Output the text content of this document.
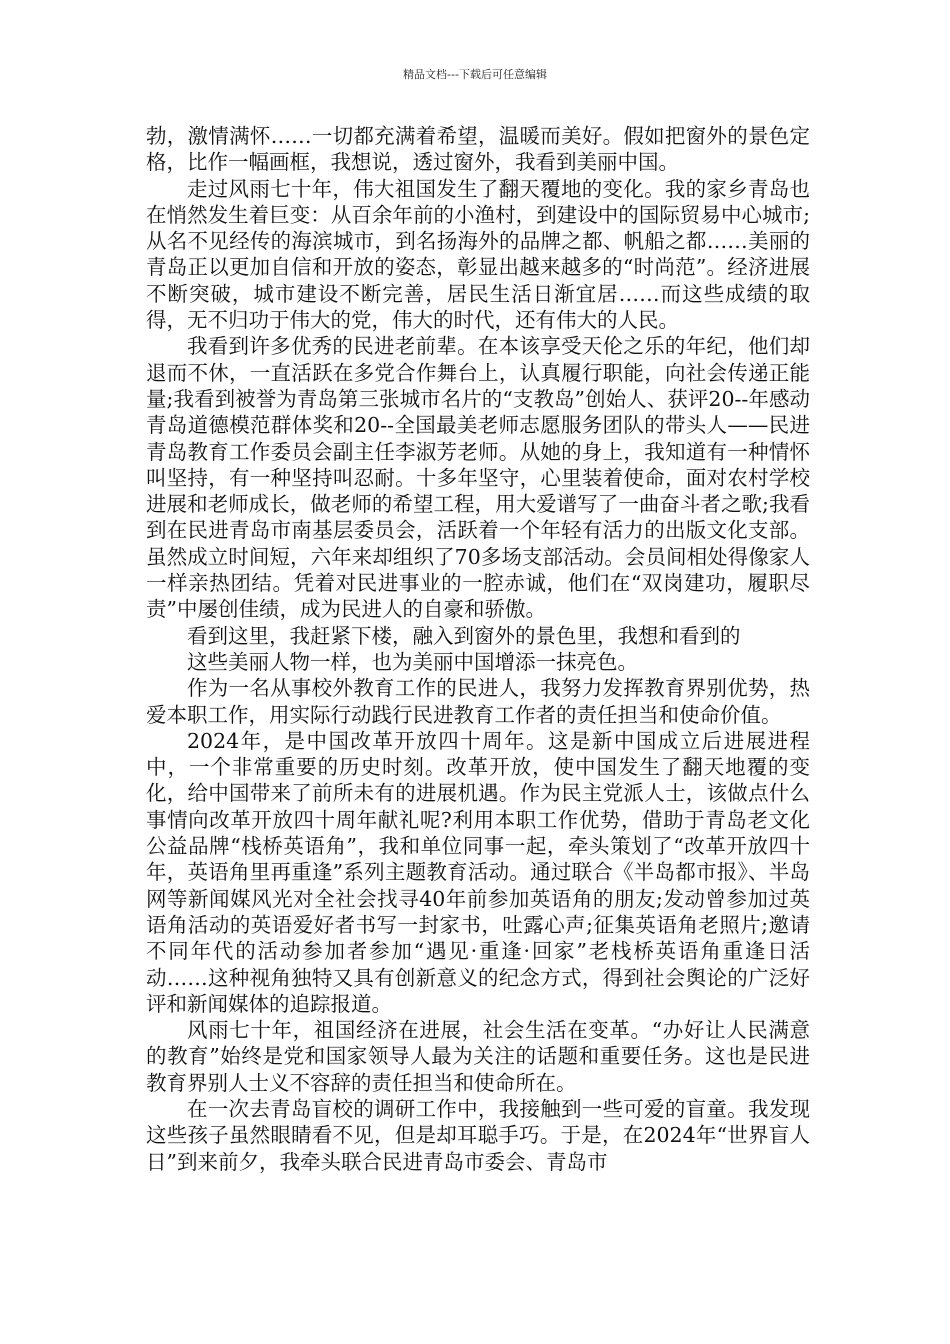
精品文档---下载后可任意编辑

勃，激情满怀……一切都充满着希望，温暖而美好。假如把窗外的景色定格，比作一幅画框，我想说，透过窗外，我看到美丽中国。

走过风雨七十年，伟大祖国发生了翻天覆地的变化。我的家乡青岛也在悄然发生着巨变：从百余年前的小渔村，到建设中的国际贸易中心城市;从名不见经传的海滨城市，到名扬海外的品牌之都、帆船之都……美丽的青岛正以更加自信和开放的姿态，彰显出越来越多的“时尚范”。经济进展不断突破，城市建设不断完善，居民生活日渐宜居……而这些成绩的取得，无不归功于伟大的党，伟大的时代，还有伟大的人民。

我看到许多优秀的民进老前辈。在本该享受天伦之乐的年纪，他们却退而不休，一直活跃在多党合作舞台上，认真履行职能，向社会传递正能量;我看到被誉为青岛第三张城市名片的“支教岛”创始人、获评20--年感动青岛道德模范群体奖和20--全国最美老师志愿服务团队的带头人——民进青岛教育工作委员会副主任李淑芳老师。从她的身上，我知道有一种情怀叫坚持，有一种坚持叫忍耐。十多年坚守，心里装着使命，面对农村学校进展和老师成长，做老师的希望工程，用大爱谱写了一曲奋斗者之歌;我看到在民进青岛市南基层委员会，活跃着一个年轻有活力的出版文化支部。虽然成立时间短，六年来却组织了70多场支部活动。会员间相处得像家人一样亲热团结。凭着对民进事业的一腔赤诚，他们在“双岗建功，履职尽责”中屡创佳绩，成为民进人的自豪和骄傲。

看到这里，我赶紧下楼，融入到窗外的景色里，我想和看到的

这些美丽人物一样，也为美丽中国增添一抹亮色。

作为一名从事校外教育工作的民进人，我努力发挥教育界别优势，热爱本职工作，用实际行动践行民进教育工作者的责任担当和使命价值。

2024年，是中国改革开放四十周年。这是新中国成立后进展进程中，一个非常重要的历史时刻。改革开放，使中国发生了翻天地覆的变化，给中国带来了前所未有的进展机遇。作为民主党派人士，该做点什么事情向改革开放四十周年献礼呢?利用本职工作优势，借助于青岛老文化公益品牌“栈桥英语角”，我和单位同事一起，牵头策划了“改革开放四十年，英语角里再重逢”系列主题教育活动。通过联合《半岛都市报》、半岛网等新闻媒风光对全社会找寻40年前参加英语角的朋友;发动曾参加过英语角活动的英语爱好者书写一封家书，吐露心声;征集英语角老照片;邀请不同年代的活动参加者参加“遇见·重逢·回家”老栈桥英语角重逢日活动……这种视角独特又具有创新意义的纪念方式，得到社会舆论的广泛好评和新闻媒体的追踪报道。

风雨七十年，祖国经济在进展，社会生活在变革。“办好让人民满意的教育”始终是党和国家领导人最为关注的话题和重要任务。这也是民进教育界别人士义不容辞的责任担当和使命所在。

在一次去青岛盲校的调研工作中，我接触到一些可爱的盲童。我发现这些孩子虽然眼睛看不见，但是却耳聪手巧。于是，在2024年“世界盲人日”到来前夕，我牵头联合民进青岛市委会、青岛市
